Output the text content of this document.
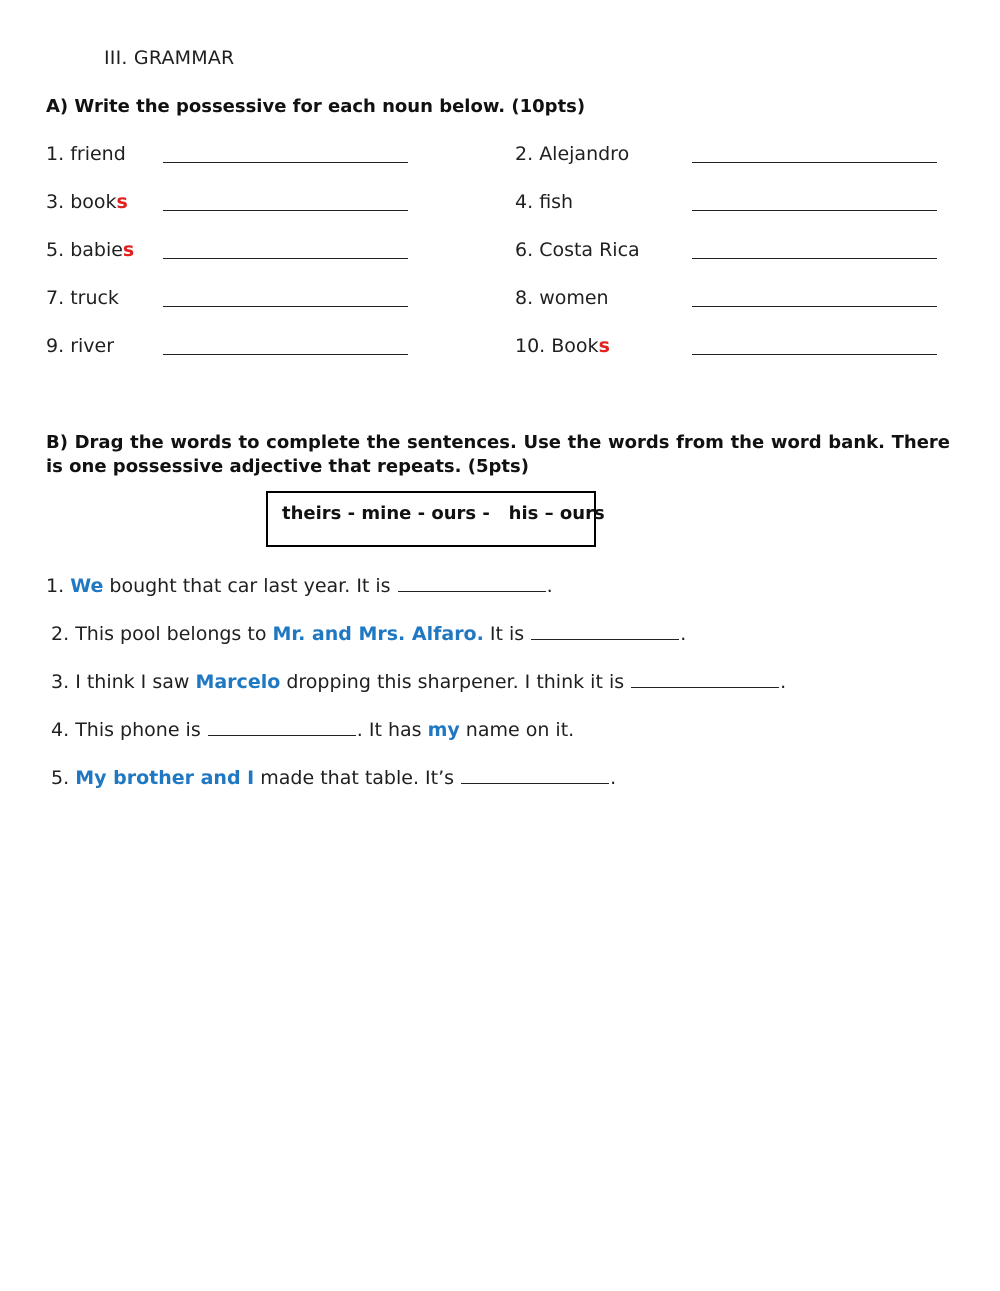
III. GRAMMAR
A) Write the possessive for each noun below. (10pts)
1. friend
3. books
5. babies
7. truck
9. river
2. Alejandro
4. fish
6. Costa Rica
8. women
10. Books
B) Drag the words to complete the sentences. Use the words from the word bank. There is one possessive adjective that repeats. (5pts)
theirs - mine - ours -   his – ours
1. We bought that car last year. It is	.
2. This pool belongs to Mr. and Mrs. Alfaro. It is	.
3. I think I saw Marcelo dropping this sharpener. I think it is	.
4. This phone is	. It has my name on it.
5. My brother and I made that table. It’s	.
